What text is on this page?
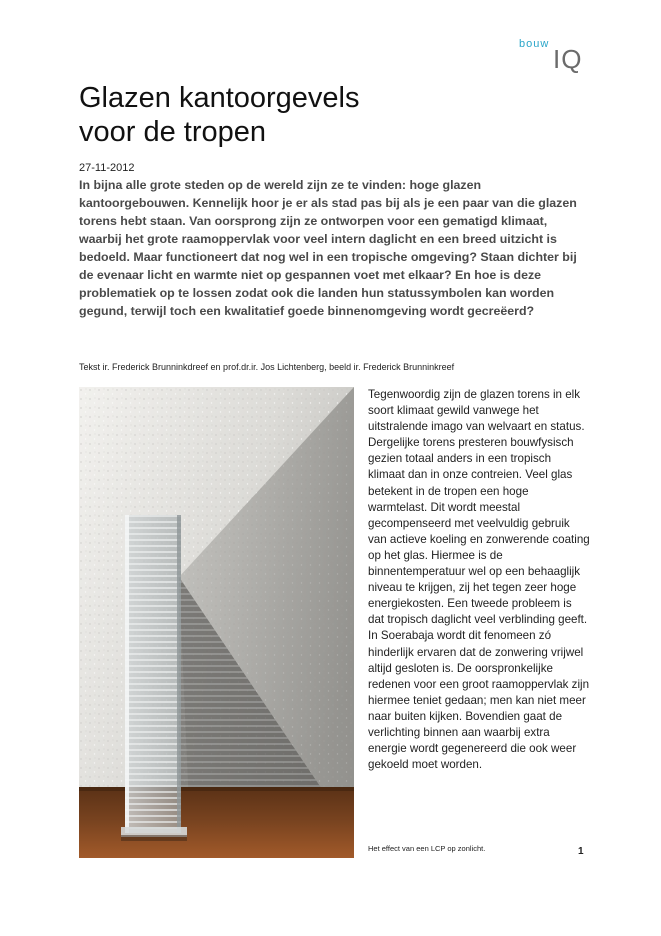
bouw IQ
Glazen kantoorgevels
voor de tropen
27-11-2012

In bijna alle grote steden op de wereld zijn ze te vinden: hoge glazen kantoorgebouwen. Kennelijk hoor je er als stad pas bij als je een paar van die glazen torens hebt staan. Van oorsprong zijn ze ontworpen voor een gematigd klimaat, waarbij het grote raamoppervlak voor veel intern daglicht en een breed uitzicht is bedoeld. Maar functioneert dat nog wel in een tropische omgeving? Staan dichter bij de evenaar licht en warmte niet op gespannen voet met elkaar? En hoe is deze problematiek op te lossen zodat ook die landen hun statussymbolen kan worden gegund, terwijl toch een kwalitatief goede binnenomgeving wordt gecreëerd?

Tekst ir. Frederick Brunninkdreef en prof.dr.ir. Jos Lichtenberg, beeld ir. Frederick Brunninkreef

Tegenwoordig zijn de glazen torens in elk soort klimaat gewild vanwege het uitstralende imago van welvaart en status. Dergelijke torens presteren bouwfysisch gezien totaal anders in een tropisch klimaat dan in onze contreien. Veel glas betekent in de tropen een hoge warmtelast. Dit wordt meestal gecompenseerd met veelvuldig gebruik van actieve koeling en zonwerende coating op het glas. Hiermee is de binnentemperatuur wel op een behaaglijk niveau te krijgen, zij het tegen zeer hoge energiekosten. Een tweede probleem is dat tropisch daglicht veel verblinding geeft. In Soerabaja wordt dit fenomeen zó hinderlijk ervaren dat de zonwering vrijwel altijd gesloten is. De oorspronkelijke redenen voor een groot raamoppervlak zijn hiermee teniet gedaan; men kan niet meer naar buiten kijken. Bovendien gaat de verlichting binnen aan waarbij extra energie wordt gegenereerd die ook weer gekoeld moet worden.

Het effect van een LCP op zonlicht.	1
